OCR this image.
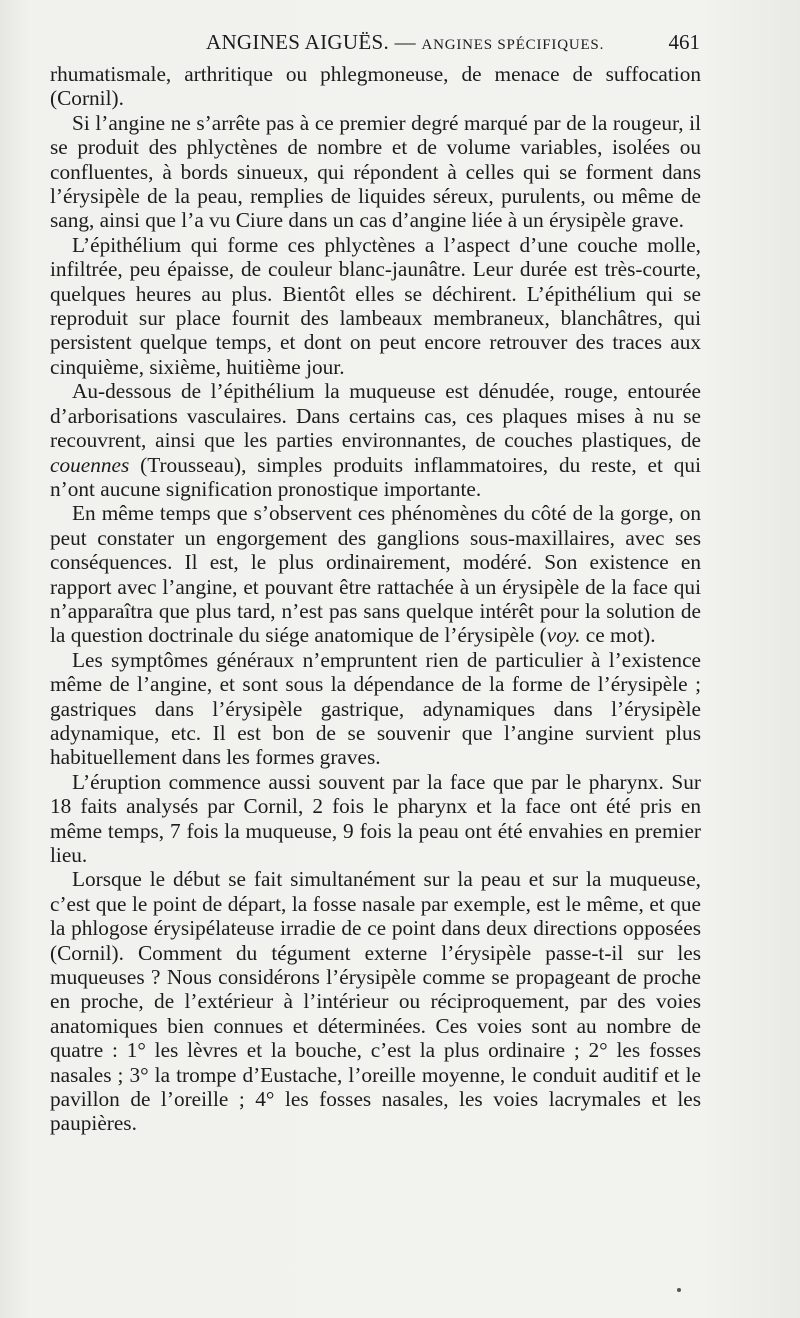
ANGINES AIGUËS. — ANGINES SPÉCIFIQUES.	461

rhumatismale, arthritique ou phlegmoneuse, de menace de suffocation (Cornil).

Si l’angine ne s’arrête pas à ce premier degré marqué par de la rougeur, il se produit des phlyctènes de nombre et de volume variables, isolées ou confluentes, à bords sinueux, qui répondent à celles qui se forment dans l’érysipèle de la peau, remplies de liquides séreux, purulents, ou même de sang, ainsi que l’a vu Ciure dans un cas d’angine liée à un érysipèle grave.

L’épithélium qui forme ces phlyctènes a l’aspect d’une couche molle, infiltrée, peu épaisse, de couleur blanc-jaunâtre. Leur durée est très-courte, quelques heures au plus. Bientôt elles se déchirent. L’épithélium qui se reproduit sur place fournit des lambeaux membraneux, blanchâtres, qui persistent quelque temps, et dont on peut encore retrouver des traces aux cinquième, sixième, huitième jour.

Au-dessous de l’épithélium la muqueuse est dénudée, rouge, entourée d’arborisations vasculaires. Dans certains cas, ces plaques mises à nu se recouvrent, ainsi que les parties environnantes, de couches plastiques, de couennes (Trousseau), simples produits inflammatoires, du reste, et qui n’ont aucune signification pronostique importante.

En même temps que s’observent ces phénomènes du côté de la gorge, on peut constater un engorgement des ganglions sous-maxillaires, avec ses conséquences. Il est, le plus ordinairement, modéré. Son existence en rapport avec l’angine, et pouvant être rattachée à un érysipèle de la face qui n’apparaîtra que plus tard, n’est pas sans quelque intérêt pour la solution de la question doctrinale du siége anatomique de l’érysipèle (voy. ce mot).

Les symptômes généraux n’empruntent rien de particulier à l’existence même de l’angine, et sont sous la dépendance de la forme de l’érysipèle ; gastriques dans l’érysipèle gastrique, adynamiques dans l’érysipèle adynamique, etc. Il est bon de se souvenir que l’angine survient plus habituellement dans les formes graves.

L’éruption commence aussi souvent par la face que par le pharynx. Sur 18 faits analysés par Cornil, 2 fois le pharynx et la face ont été pris en même temps, 7 fois la muqueuse, 9 fois la peau ont été envahies en premier lieu.

Lorsque le début se fait simultanément sur la peau et sur la muqueuse, c’est que le point de départ, la fosse nasale par exemple, est le même, et que la phlogose érysipélateuse irradie de ce point dans deux directions opposées (Cornil). Comment du tégument externe l’érysipèle passe-t-il sur les muqueuses ? Nous considérons l’érysipèle comme se propageant de proche en proche, de l’extérieur à l’intérieur ou réciproquement, par des voies anatomiques bien connues et déterminées. Ces voies sont au nombre de quatre : 1° les lèvres et la bouche, c’est la plus ordinaire ; 2° les fosses nasales ; 3° la trompe d’Eustache, l’oreille moyenne, le conduit auditif et le pavillon de l’oreille ; 4° les fosses nasales, les voies lacrymales et les paupières.
